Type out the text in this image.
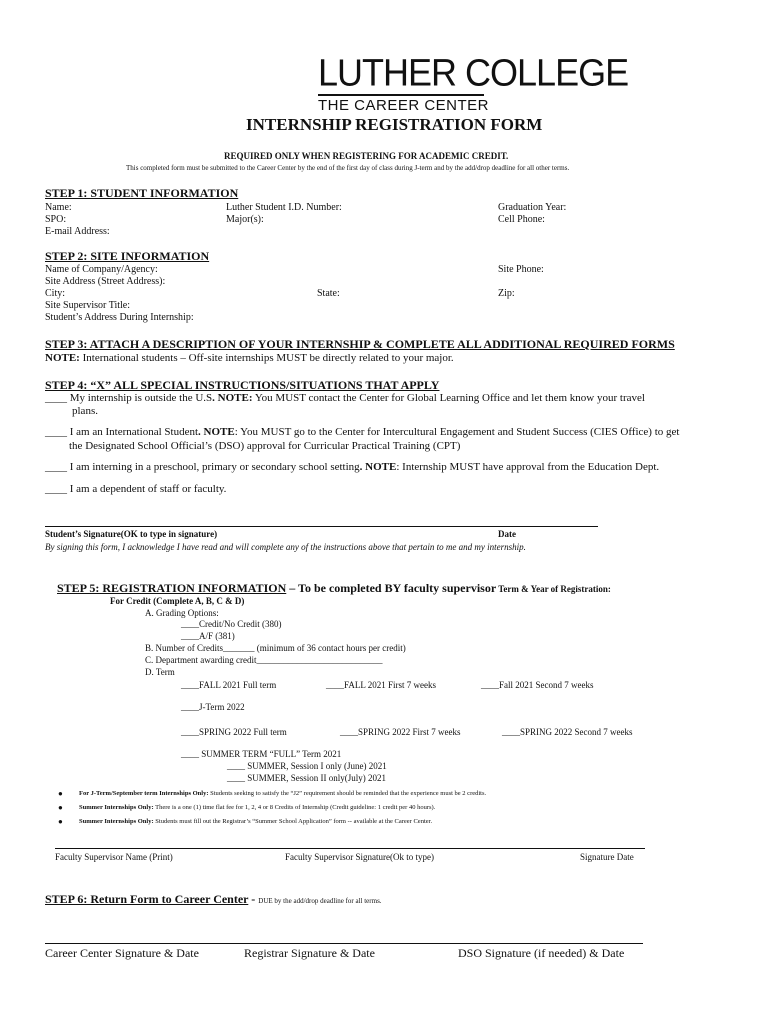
LUTHER COLLEGE
THE CAREER CENTER
INTERNSHIP REGISTRATION FORM
REQUIRED ONLY WHEN REGISTERING FOR ACADEMIC CREDIT.
This completed form must be submitted to the Career Center by the end of the first day of class during J-term and by the add/drop deadline for all other terms.
STEP 1: STUDENT INFORMATION
Name:	Luther Student I.D. Number:	Graduation Year:
SPO:	Major(s):	Cell Phone:
E-mail Address:
STEP 2: SITE INFORMATION
Name of Company/Agency:	Site Phone:
Site Address (Street Address):
City:	State:	Zip:
Site Supervisor Title:
Student’s Address During Internship:
STEP 3: ATTACH A DESCRIPTION OF YOUR INTERNSHIP & COMPLETE ALL ADDITIONAL REQUIRED FORMS
NOTE: International students – Off-site internships MUST be directly related to your major.
STEP 4: “X” ALL SPECIAL INSTRUCTIONS/SITUATIONS THAT APPLY
____ My internship is outside the U.S. NOTE: You MUST contact the Center for Global Learning Office and let them know your travel
plans.
____ I am an International Student. NOTE: You MUST go to the Center for Intercultural Engagement and Student Success (CIES Office) to get
the Designated School Official’s (DSO) approval for Curricular Practical Training (CPT)
____ I am interning in a preschool, primary or secondary school setting. NOTE: Internship MUST have approval from the Education Dept.
____ I am a dependent of staff or faculty.
Student’s Signature(OK to type in signature)	Date
By signing this form, I acknowledge I have read and will complete any of the instructions above that pertain to me and my internship.
STEP 5: REGISTRATION INFORMATION – To be completed BY faculty supervisor Term & Year of Registration:
For Credit (Complete A, B, C & D)
A. Grading Options:
____Credit/No Credit (380)
____A/F (381)
B. Number of Credits_______ (minimum of 36 contact hours per credit)
C. Department awarding credit____________________________
D. Term
____FALL 2021 Full term	____FALL 2021 First 7 weeks	____Fall 2021 Second 7 weeks
____J-Term 2022
____SPRING 2022 Full term	____SPRING 2022 First 7 weeks	____SPRING 2022 Second 7 weeks
____ SUMMER TERM “FULL” Term 2021
____ SUMMER, Session I only (June) 2021
____ SUMMER, Session II only(July) 2021
● For J-Term/September term Internships Only: Students seeking to satisfy the “J2” requirement should be reminded that the experience must be 2 credits.
● Summer Internships Only: There is a one (1) time flat fee for 1, 2, 4 or 8 Credits of Internship (Credit guideline: 1 credit per 40 hours).
● Summer Internships Only: Students must fill out the Registrar’s “Summer School Application” form -- available at the Career Center.
Faculty Supervisor Name (Print)	Faculty Supervisor Signature(Ok to type)	Signature Date
STEP 6: Return Form to Career Center - DUE by the add/drop deadline for all terms.
Career Center Signature & Date	Registrar Signature & Date	DSO Signature (if needed) & Date
